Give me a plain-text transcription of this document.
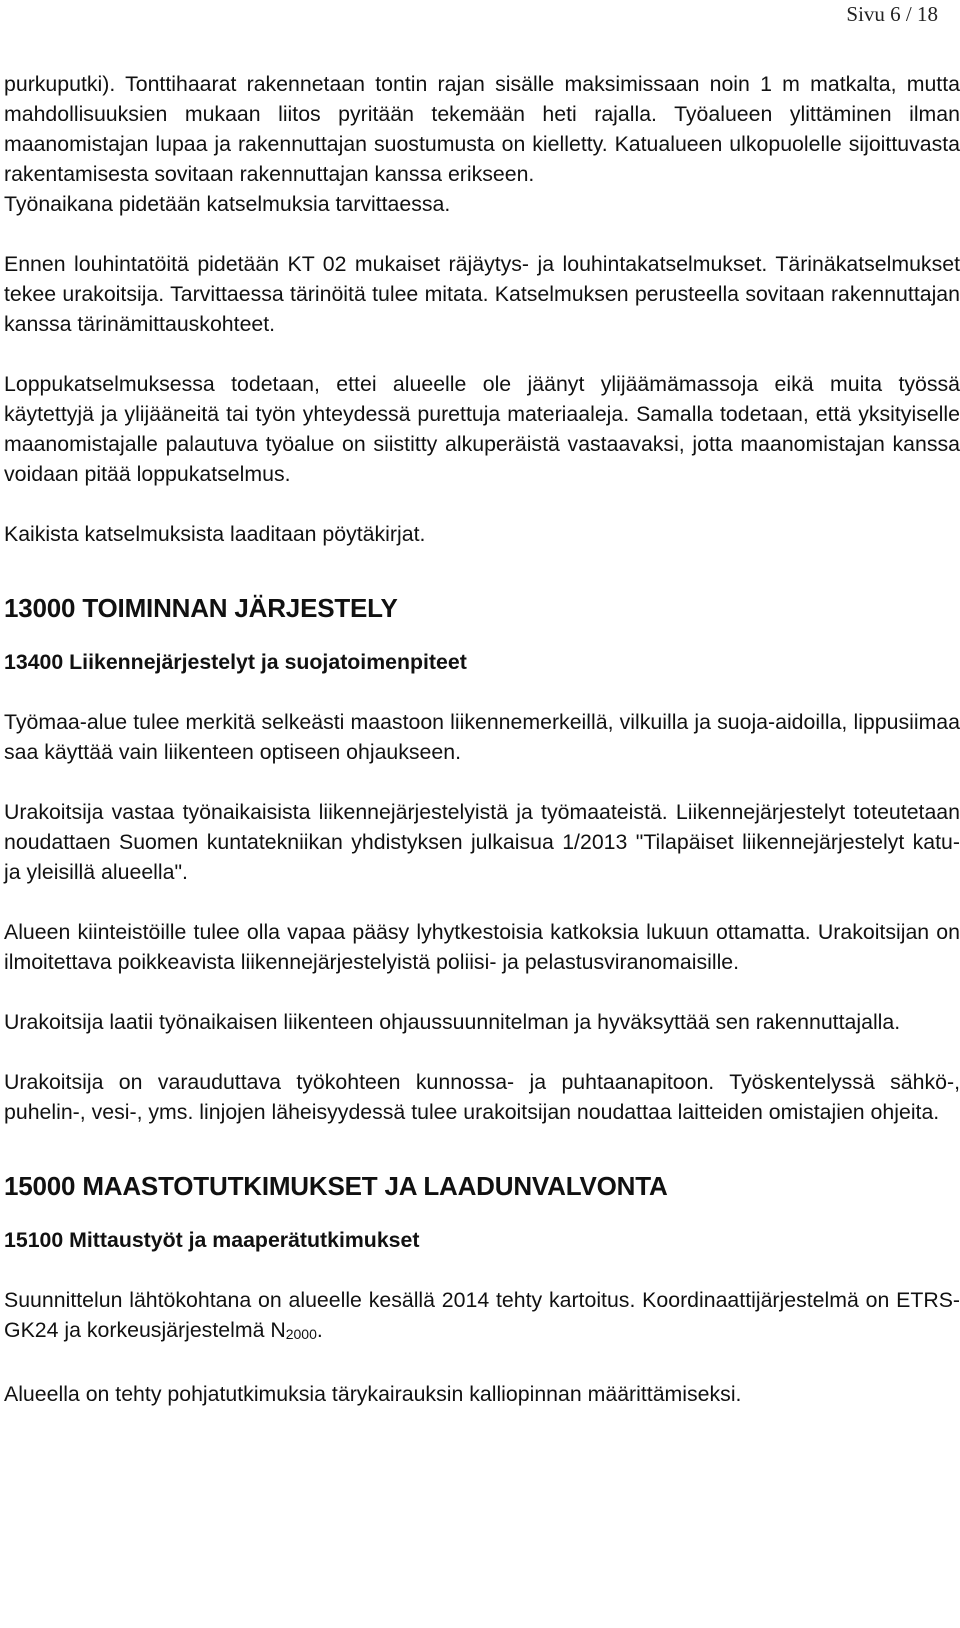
Sivu 6 / 18

purkuputki). Tonttihaarat rakennetaan tontin rajan sisälle maksimissaan noin 1 m matkalta, mutta mahdollisuuksien mukaan liitos pyritään tekemään heti rajalla. Työalueen ylittäminen ilman maanomistajan lupaa ja rakennuttajan suostumusta on kielletty. Katualueen ulkopuolelle sijoittuvasta rakentamisesta sovitaan rakennuttajan kanssa erikseen.

Työnaikana pidetään katselmuksia tarvittaessa.

Ennen louhintatöitä pidetään KT 02 mukaiset räjäytys- ja louhintakatselmukset. Tärinäkatselmukset tekee urakoitsija. Tarvittaessa tärinöitä tulee mitata. Katselmuksen perusteella sovitaan rakennuttajan kanssa tärinämittauskohteet.

Loppukatselmuksessa todetaan, ettei alueelle ole jäänyt ylijäämämassoja eikä muita työssä käytettyjä ja ylijääneitä tai työn yhteydessä purettuja materiaaleja. Samalla todetaan, että yksityiselle maanomistajalle palautuva työalue on siistitty alkuperäistä vastaavaksi, jotta maanomistajan kanssa voidaan pitää loppukatselmus.

Kaikista katselmuksista laaditaan pöytäkirjat.

13000 TOIMINNAN JÄRJESTELY
13400 Liikennejärjestelyt ja suojatoimenpiteet

Työmaa-alue tulee merkitä selkeästi maastoon liikennemerkeillä, vilkuilla ja suoja-aidoilla, lippusiimaa saa käyttää vain liikenteen optiseen ohjaukseen.

Urakoitsija vastaa työnaikaisista liikennejärjestelyistä ja työmaateistä. Liikennejärjestelyt toteutetaan noudattaen Suomen kuntatekniikan yhdistyksen julkaisua 1/2013 "Tilapäiset liikennejärjestelyt katu- ja yleisillä alueella".

Alueen kiinteistöille tulee olla vapaa pääsy lyhytkestoisia katkoksia lukuun ottamatta. Urakoitsijan on ilmoitettava poikkeavista liikennejärjestelyistä poliisi- ja pelastusviranomaisille.

Urakoitsija laatii työnaikaisen liikenteen ohjaussuunnitelman ja hyväksyttää sen rakennuttajalla.

Urakoitsija on varauduttava työkohteen kunnossa- ja puhtaanapitoon. Työskentelyssä sähkö-, puhelin-, vesi-, yms. linjojen läheisyydessä tulee urakoitsijan noudattaa laitteiden omistajien ohjeita.

15000 MAASTOTUTKIMUKSET JA LAADUNVALVONTA
15100 Mittaustyöt ja maaperätutkimukset

Suunnittelun lähtökohtana on alueelle kesällä 2014 tehty kartoitus. Koordinaattijärjestelmä on ETRS-GK24 ja korkeusjärjestelmä $N_{2000}$.

Alueella on tehty pohjatutkimuksia tärykairauksin kalliopinnan määrittämiseksi.
